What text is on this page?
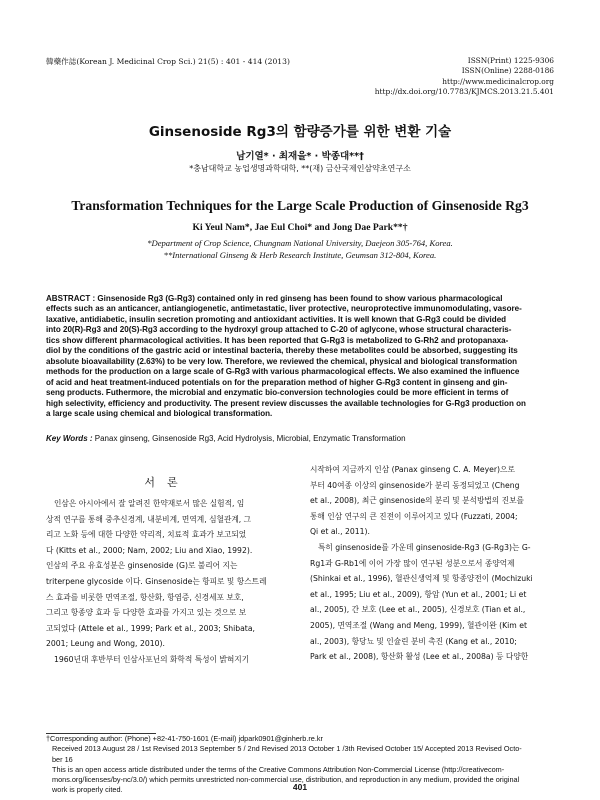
韓藥作誌(Korean J. Medicinal Crop Sci.) 21(5) : 401 - 414 (2013)	ISSN(Print) 1225-9306
ISSN(Online) 2288-0186
http://www.medicinalcrop.org
http://dx.doi.org/10.7783/KJMCS.2013.21.5.401
Ginsenoside Rg3의 함량증가를 위한 변환 기술
남기열* · 최재을* · 박종대**†
*충남대학교 농업생명과학대학, **(재) 금산국제인삼약초연구소
Transformation Techniques for the Large Scale Production of Ginsenoside Rg3
Ki Yeul Nam*, Jae Eul Choi* and Jong Dae Park**†
*Department of Crop Science, Chungnam National University, Daejeon 305-764, Korea.
**International Ginseng & Herb Research Institute, Geumsan 312-804, Korea.
ABSTRACT : Ginsenoside Rg3 (G-Rg3) contained only in red ginseng has been found to show various pharmacological
effects such as an anticancer, antiangiogenetic, antimetastatic, liver protective, neuroprotective immunomodulating, vasore-
laxative, antidiabetic, insulin secretion promoting and antioxidant activities. It is well known that G-Rg3 could be divided
into 20(R)-Rg3 and 20(S)-Rg3 according to the hydroxyl group attached to C-20 of aglycone, whose structural characteris-
tics show different pharmacological activities. It has been reported that G-Rg3 is metabolized to G-Rh2 and protopanaxa-
diol by the conditions of the gastric acid or intestinal bacteria, thereby these metabolites could be absorbed, suggesting its
absolute bioavailability (2.63%) to be very low. Therefore, we reviewed the chemical, physical and biological transformation
methods for the production on a large scale of G-Rg3 with various pharmacological effects. We also examined the influence
of acid and heat treatment-induced potentials on for the preparation method of higher G-Rg3 content in ginseng and gin-
seng products. Futhermore, the microbial and enzymatic bio-conversion technologies could be more efficient in terms of
high selectivity, efficiency and productivity. The present review discusses the available technologies for G-Rg3 production on
a large scale using chemical and biological transformation.
Key Words : Panax ginseng, Ginsenoside Rg3, Acid Hydrolysis, Microbial, Enzymatic Transformation
서론
인삼은 아시아에서 잘 알려진 한약재로서 많은 실험적, 임
상적 연구를 통해 중추신경계, 내분비계, 면역계, 심혈관계, 그
리고 노화 등에 대한 다양한 약리적, 치료적 효과가 보고되었
다 (Kitts et al., 2000; Nam, 2002; Liu and Xiao, 1992).
인삼의 주요 유효성분은 ginsenoside (G)로 불리어 지는
triterpene glycoside 이다. Ginsenoside는 항피로 및 항스트레
스 효과를 비롯한 면역조절, 항산화, 항염증, 신경세포 보호,
그리고 항종양 효과 등 다양한 효과를 가지고 있는 것으로 보
고되었다 (Attele et al., 1999; Park et al., 2003; Shibata,
2001; Leung and Wong, 2010).
1960년대 후반부터 인삼사포닌의 화학적 특성이 밝혀지기
시작하여 지금까지 인삼 (Panax ginseng C. A. Meyer)으로
부터 40여종 이상의 ginsenoside가 분리 동정되었고 (Cheng
et al., 2008), 최근 ginsenoside의 분리 및 분석방법의 진보를
통해 인삼 연구의 큰 진전이 이루어지고 있다 (Fuzzati, 2004;
Qi et al., 2011).
특히 ginsenoside를 가운데 ginsenoside-Rg3 (G-Rg3)는 G-
Rg1과 G-Rb1에 이어 가장 많이 연구된 성분으로서 종양억제
(Shinkai et al., 1996), 혈관신생억제 및 항종양전이 (Mochizuki
et al., 1995; Liu et al., 2009), 항암 (Yun et al., 2001; Li et
al., 2005), 간 보호 (Lee et al., 2005), 신경보호 (Tian et al.,
2005), 면역조절 (Wang and Meng, 1999), 혈관이완 (Kim et
al., 2003), 항당뇨 및 인슐린 분비 촉진 (Kang et al., 2010;
Park et al., 2008), 항산화 활성 (Lee et al., 2008a) 등 다양한
†Corresponding author: (Phone) +82-41-750-1601 (E-mail) jdpark0901@ginherb.re.kr
Received 2013 August 28 / 1st Revised 2013 September 5 / 2nd Revised 2013 October 1 /3th Revised October 15/ Accepted 2013 Revised Octo-
ber 16
This is an open access article distributed under the terms of the Creative Commons Attribution Non-Commercial License (http://creativecom-
mons.org/licenses/by-nc/3.0/) which permits unrestricted non-commercial use, distribution, and reproduction in any medium, provided the original
work is properly cited.	401
